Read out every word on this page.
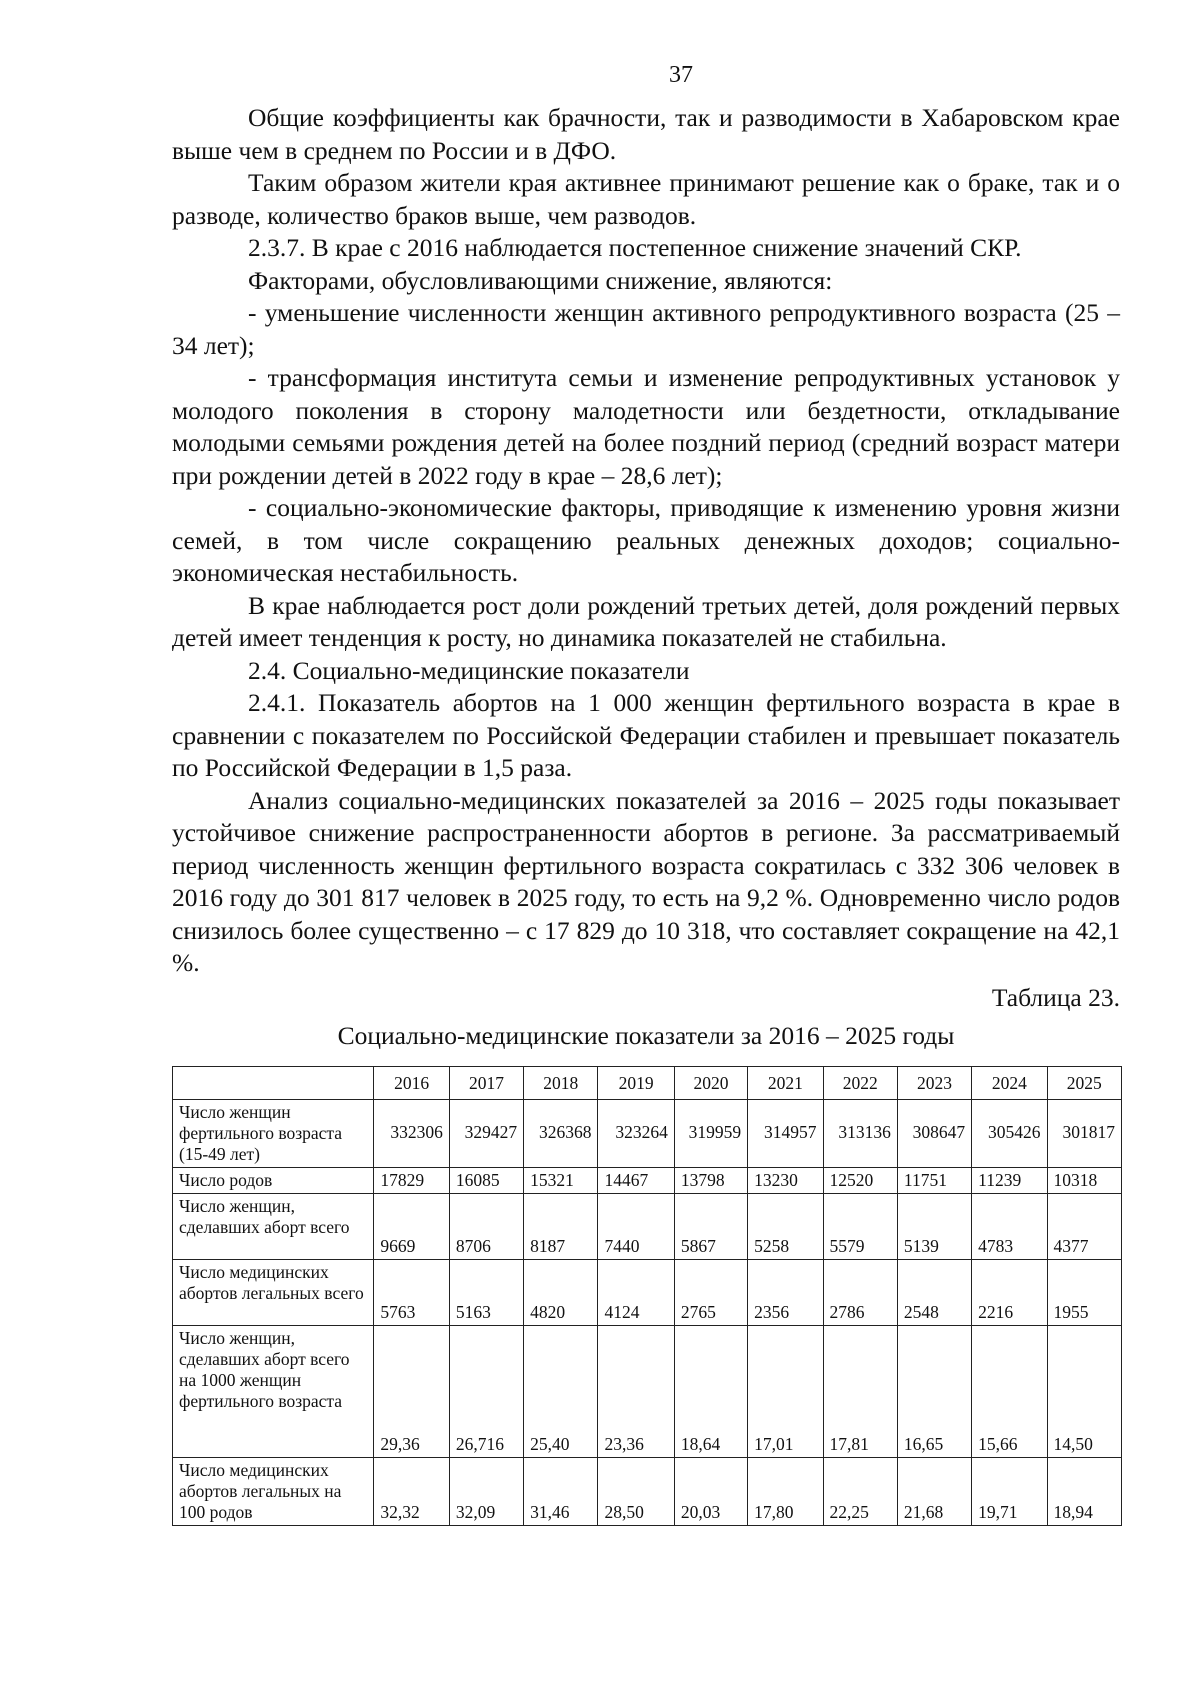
37

Общие коэффициенты как брачности, так и разводимости в Хабаровском крае выше чем в среднем по России и в ДФО.

Таким образом жители края активнее принимают решение как о браке, так и о разводе, количество браков выше, чем разводов.

2.3.7. В крае с 2016 наблюдается постепенное снижение значений СКР.

Факторами, обусловливающими снижение, являются:

- уменьшение численности женщин активного репродуктивного возраста (25 – 34 лет);

- трансформация института семьи и изменение репродуктивных установок у молодого поколения в сторону малодетности или бездетности, откладывание молодыми семьями рождения детей на более поздний период (средний возраст матери при рождении детей в 2022 году в крае – 28,6 лет);

- социально-экономические факторы, приводящие к изменению уровня жизни семей, в том числе сокращению реальных денежных доходов; социально-экономическая нестабильность.

В крае наблюдается рост доли рождений третьих детей, доля рождений первых детей имеет тенденция к росту, но динамика показателей не стабильна.

2.4. Социально-медицинские показатели

2.4.1. Показатель абортов на 1 000 женщин фертильного возраста в крае в сравнении с показателем по Российской Федерации стабилен и превышает показатель по Российской Федерации в 1,5 раза.

Анализ социально-медицинских показателей за 2016 – 2025 годы показывает устойчивое снижение распространенности абортов в регионе. За рассматриваемый период численность женщин фертильного возраста сократилась с 332 306 человек в 2016 году до 301 817 человек в 2025 году, то есть на 9,2 %. Одновременно число родов снизилось более существенно – с 17 829 до 10 318, что составляет сокращение на 42,1 %.

Таблица 23.
Социально-медицинские показатели за 2016 – 2025 годы
	2016	2017	2018	2019	2020	2021	2022	2023	2024	2025
Число женщин фертильного возраста (15-49 лет)	332306	329427	326368	323264	319959	314957	313136	308647	305426	301817
Число родов	17829	16085	15321	14467	13798	13230	12520	11751	11239	10318
Число женщин, сделавших аборт всего	9669	8706	8187	7440	5867	5258	5579	5139	4783	4377
Число медицинских абортов легальных всего	5763	5163	4820	4124	2765	2356	2786	2548	2216	1955
Число женщин, сделавших аборт всего на 1000 женщин фертильного возраста	29,36	26,716	25,40	23,36	18,64	17,01	17,81	16,65	15,66	14,50
Число медицинских абортов легальных на 100 родов	32,32	32,09	31,46	28,50	20,03	17,80	22,25	21,68	19,71	18,94
